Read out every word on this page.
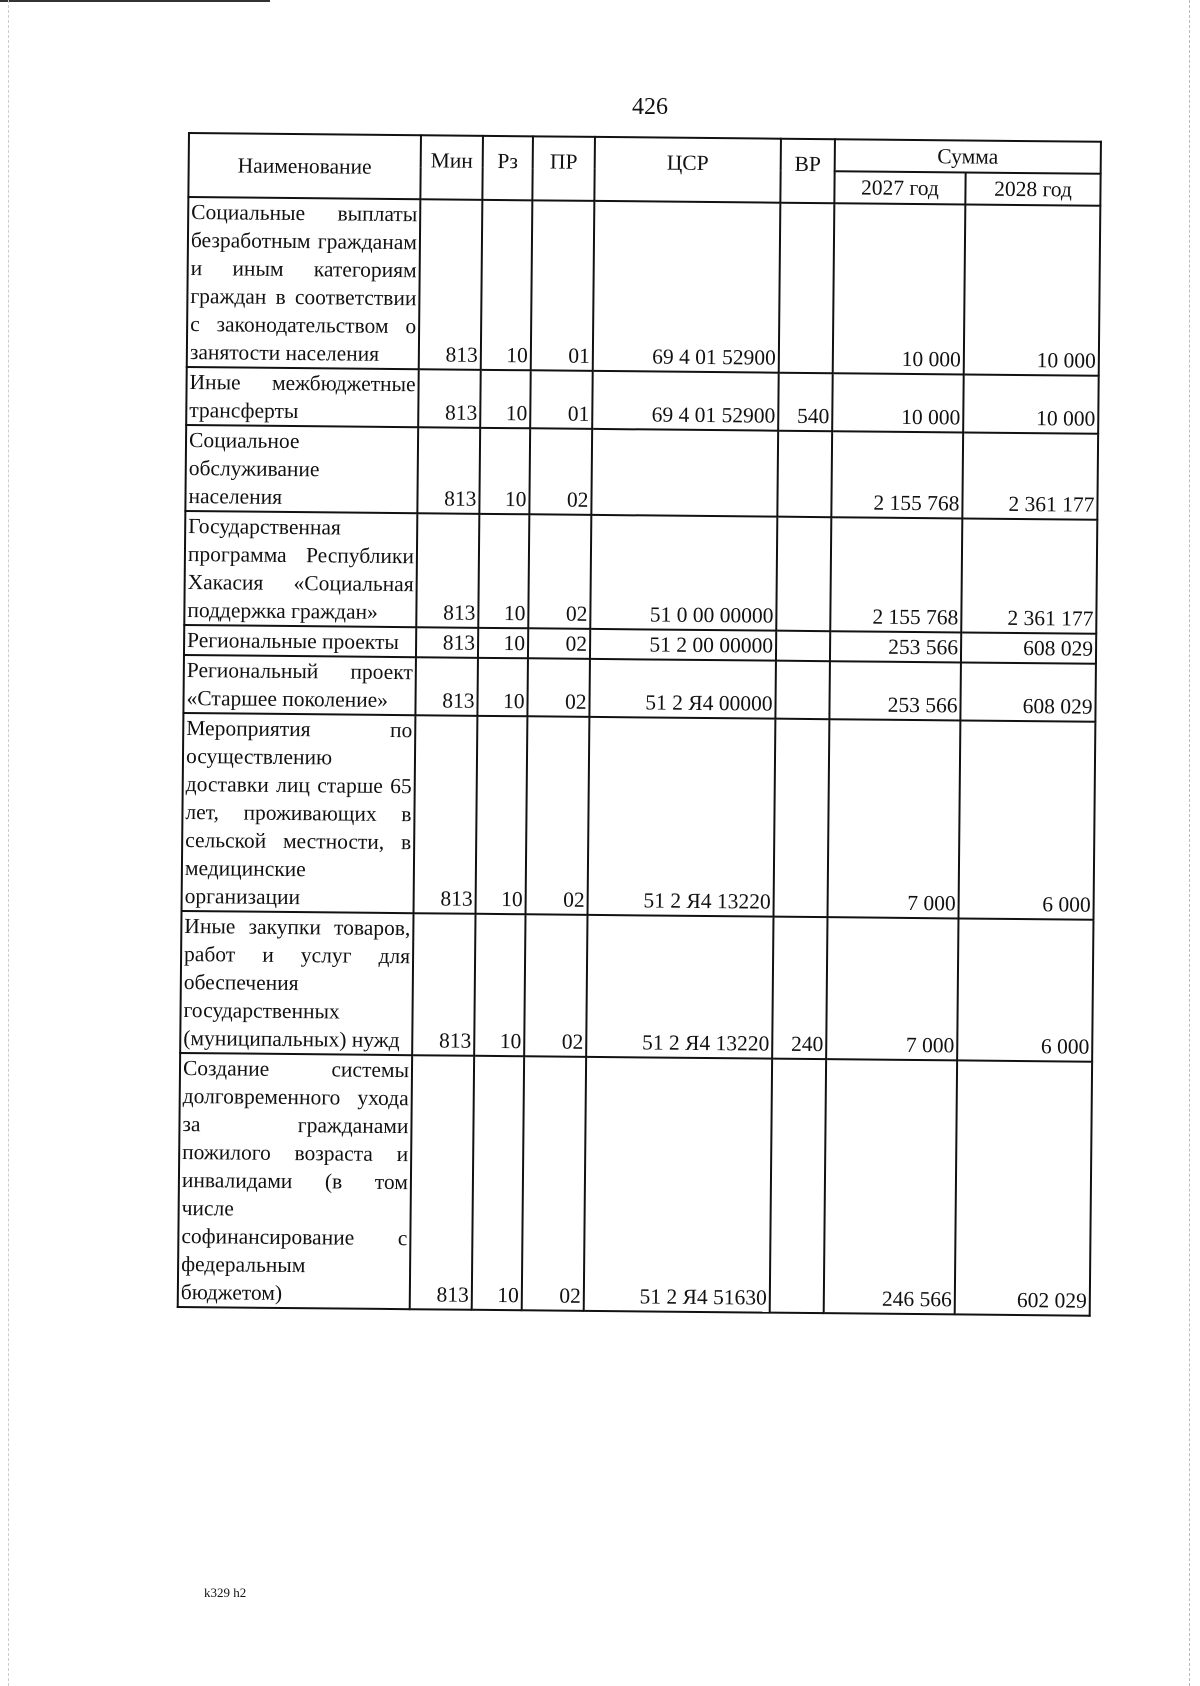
426
Наименование	Мин	Рз	ПР	ЦСР	ВР	Сумма	
						2027 год	2028 год
Социальные выплаты безработным гражданам и иным категориям граждан в соответствии с законодательством о занятости населения	813	10	01	69 4 01 52900		10 000	10 000
Иные межбюджетные трансферты	813	10	01	69 4 01 52900	540	10 000	10 000
Социальное обслуживание населения	813	10	02			2 155 768	2 361 177
Государственная программа Республики Хакасия «Социальная поддержка граждан»	813	10	02	51 0 00 00000		2 155 768	2 361 177
Региональные проекты	813	10	02	51 2 00 00000		253 566	608 029
Региональный проект «Старшее поколение»	813	10	02	51 2 Я4 00000		253 566	608 029
Мероприятия по осуществлению доставки лиц старше 65 лет, проживающих в сельской местности, в медицинские организации	813	10	02	51 2 Я4 13220		7 000	6 000
Иные закупки товаров, работ и услуг для обеспечения государственных (муниципальных) нужд	813	10	02	51 2 Я4 13220	240	7 000	6 000
Создание системы долговременного ухода за гражданами пожилого возраста и инвалидами (в том числе софинансирование с федеральным бюджетом)	813	10	02	51 2 Я4 51630		246 566	602 029
k329 h2
